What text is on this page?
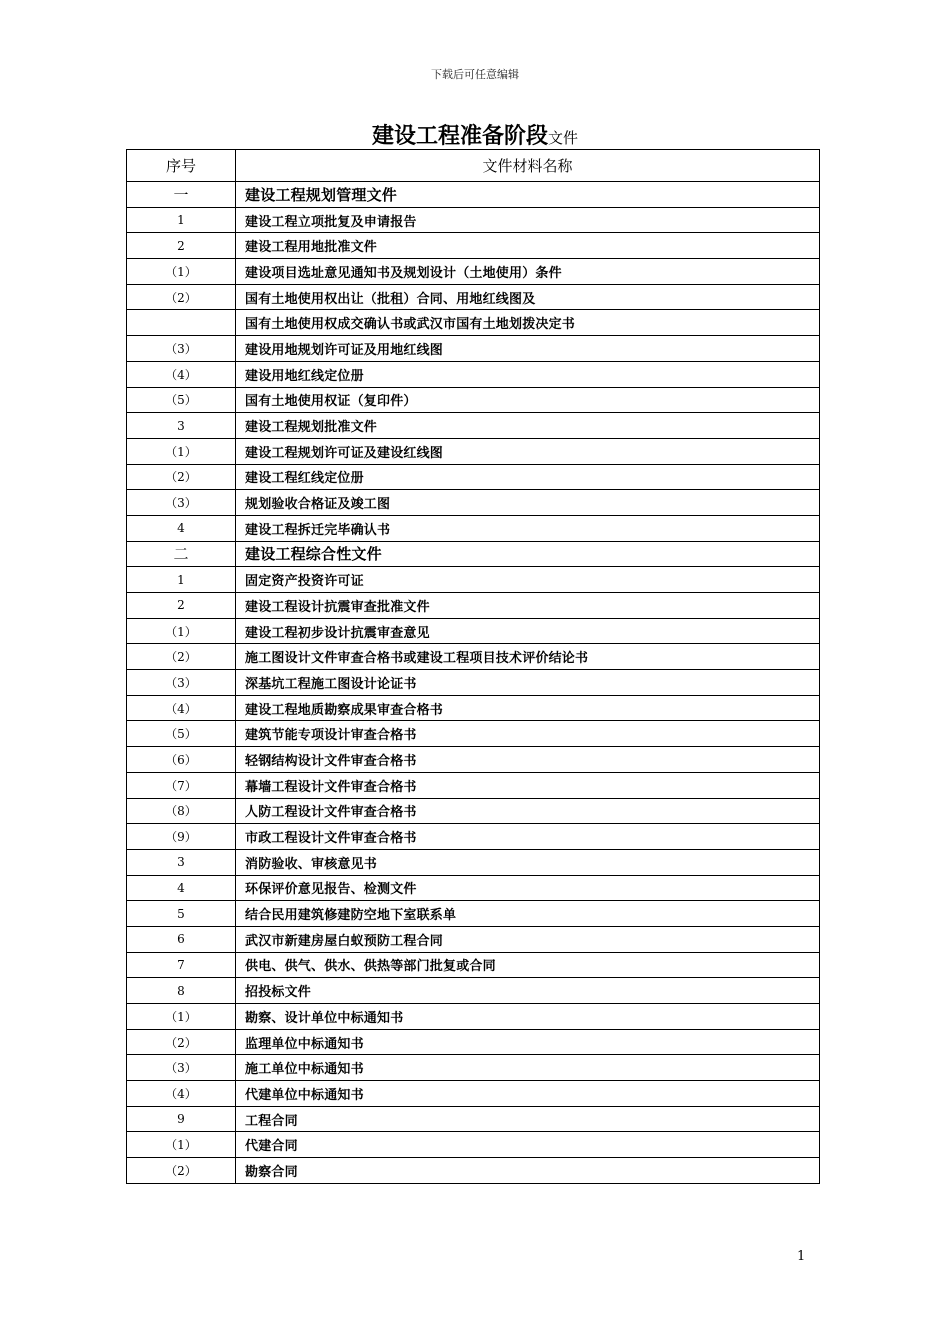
下载后可任意编辑
建设工程准备阶段文件
序号	文件材料名称
一	建设工程规划管理文件
1	建设工程立项批复及申请报告
2	建设工程用地批准文件
（1）	建设项目选址意见通知书及规划设计（土地使用）条件
（2）	国有土地使用权出让（批租）合同、用地红线图及
	国有土地使用权成交确认书或武汉市国有土地划拨决定书
（3）	建设用地规划许可证及用地红线图
（4）	建设用地红线定位册
（5）	国有土地使用权证（复印件）
3	建设工程规划批准文件
（1）	建设工程规划许可证及建设红线图
（2）	建设工程红线定位册
（3）	规划验收合格证及竣工图
4	建设工程拆迁完毕确认书
二	建设工程综合性文件
1	固定资产投资许可证
2	建设工程设计抗震审查批准文件
（1）	建设工程初步设计抗震审查意见
（2）	施工图设计文件审查合格书或建设工程项目技术评价结论书
（3）	深基坑工程施工图设计论证书
（4）	建设工程地质勘察成果审查合格书
（5）	建筑节能专项设计审查合格书
（6）	轻钢结构设计文件审查合格书
（7）	幕墙工程设计文件审查合格书
（8）	人防工程设计文件审查合格书
（9）	市政工程设计文件审查合格书
3	消防验收、审核意见书
4	环保评价意见报告、检测文件
5	结合民用建筑修建防空地下室联系单
6	武汉市新建房屋白蚁预防工程合同
7	供电、供气、供水、供热等部门批复或合同
8	招投标文件
（1）	勘察、设计单位中标通知书
（2）	监理单位中标通知书
（3）	施工单位中标通知书
（4）	代建单位中标通知书
9	工程合同
（1）	代建合同
（2）	勘察合同
1
